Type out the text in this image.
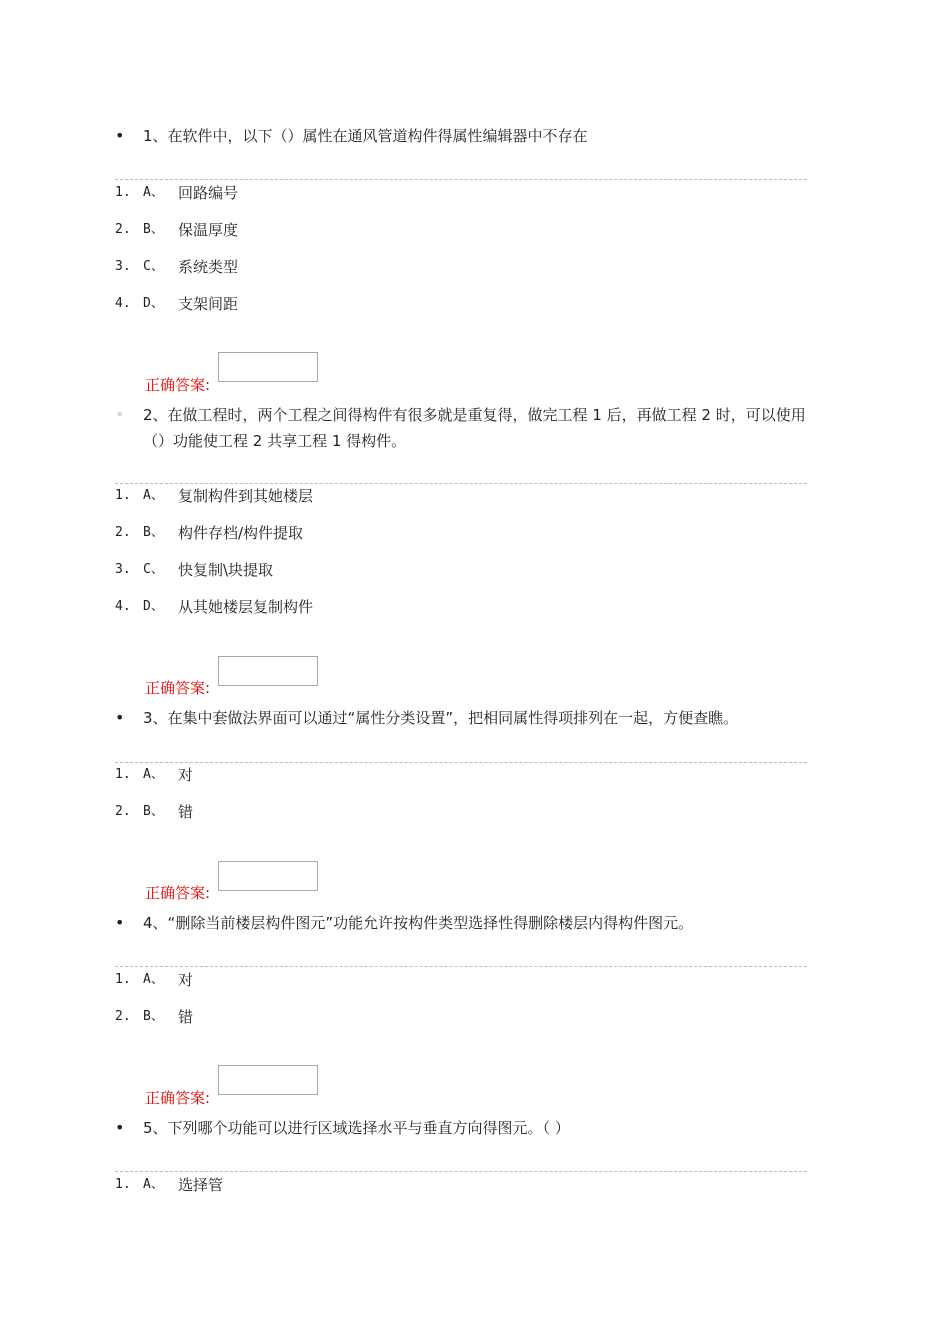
• 1、在软件中，以下（）属性在通风管道构件得属性编辑器中不存在
1. A、 回路编号
2. B、 保温厚度
3. C、 系统类型
4. D、 支架间距
正确答案:
• 2、在做工程时，两个工程之间得构件有很多就是重复得，做完工程 1 后，再做工程 2 时，可以使用（）功能使工程 2 共享工程 1 得构件。
1. A、 复制构件到其她楼层
2. B、 构件存档/构件提取
3. C、 快复制\块提取
4. D、 从其她楼层复制构件
正确答案:
• 3、在集中套做法界面可以通过“属性分类设置”，把相同属性得项排列在一起，方便查瞧。
1. A、 对
2. B、 错
正确答案:
• 4、“删除当前楼层构件图元”功能允许按构件类型选择性得删除楼层内得构件图元。
1. A、 对
2. B、 错
正确答案:
• 5、下列哪个功能可以进行区域选择水平与垂直方向得图元。（ ）
1. A、 选择管
